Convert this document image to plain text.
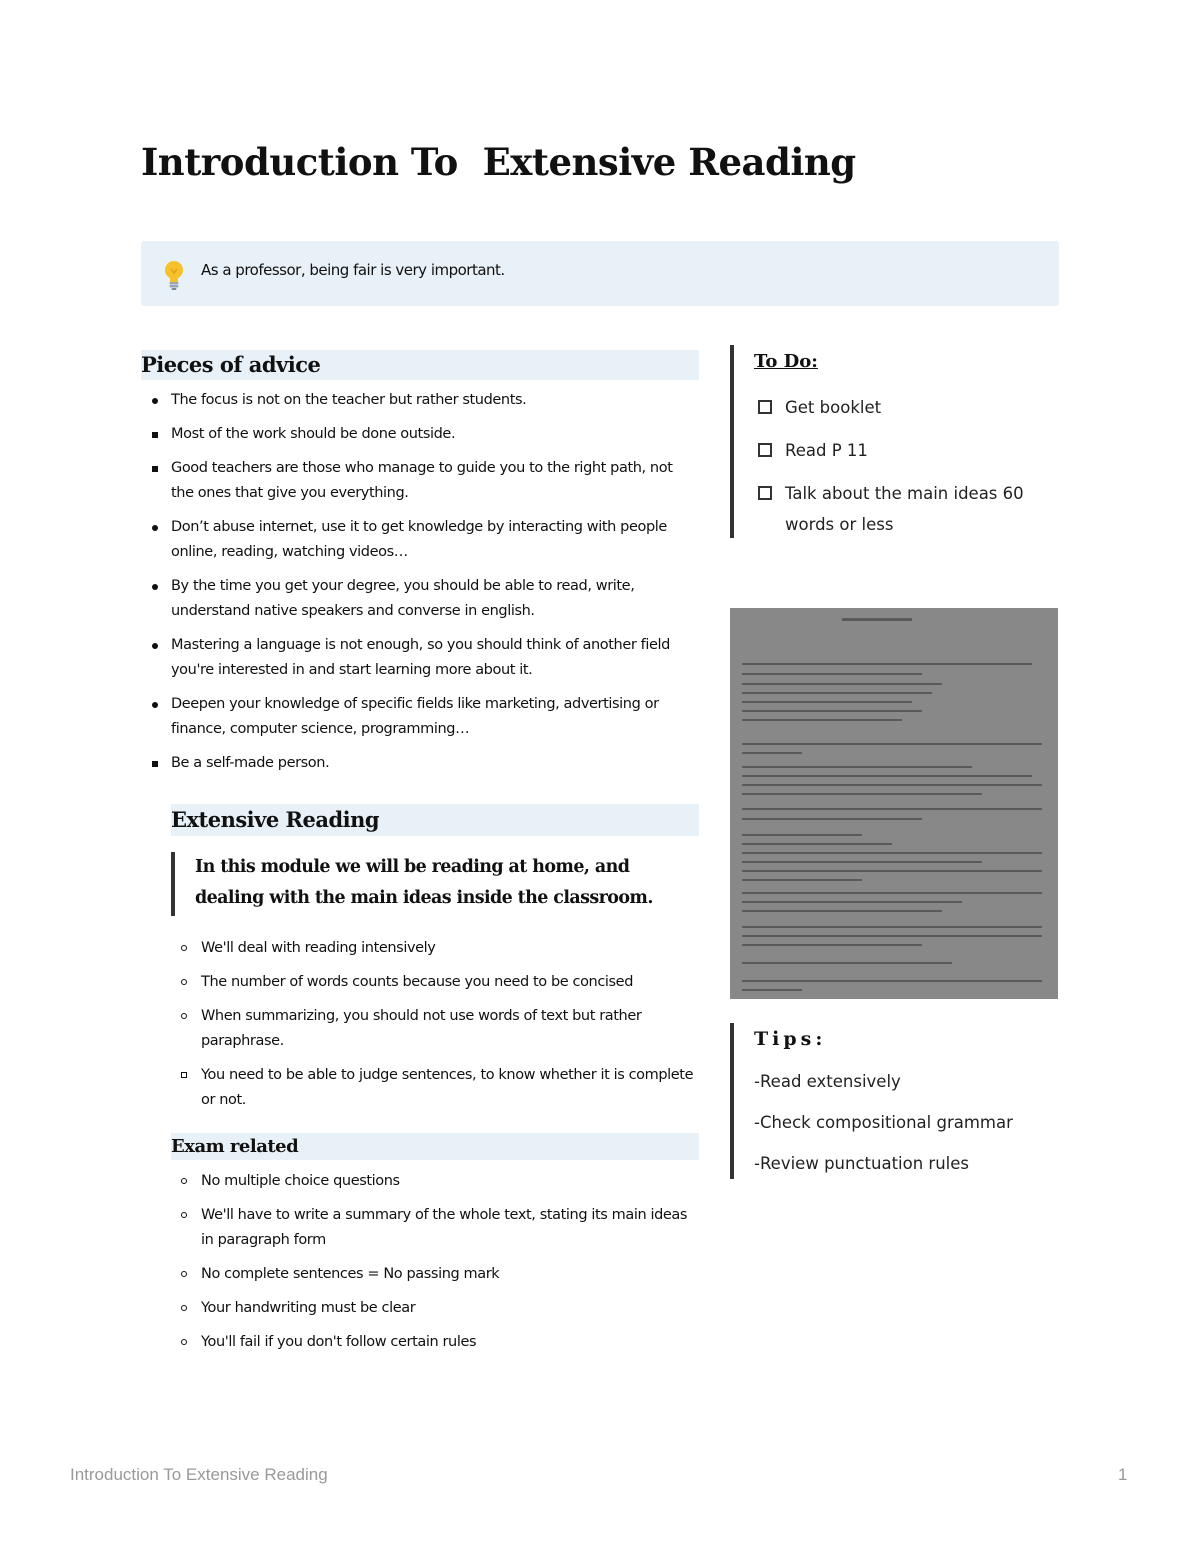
Introduction To  Extensive Reading
As a professor, being fair is very important.
Pieces of advice
The focus is not on the teacher but rather students.
Most of the work should be done outside.
Good teachers are those who manage to guide you to the right path, not the ones that give you everything.
Don’t abuse internet, use it to get knowledge by interacting with people online, reading, watching videos…
By the time you get your degree, you should be able to read, write, understand native speakers and converse in english.
Mastering a language is not enough, so you should think of another field you're interested in and start learning more about it.
Deepen your knowledge of specific fields like marketing, advertising or finance, computer science, programming…
Be a self-made person.
Extensive Reading
In this module we will be reading at home, and dealing with the main ideas inside the classroom.
We'll deal with reading intensively
The number of words counts because you need to be concised
When summarizing, you should not use words of text but rather paraphrase.
You need to be able to judge sentences, to know whether it is complete or not.
Exam related
No multiple choice questions
We'll have to write a summary of the whole text, stating its main ideas in paragraph form
No complete sentences = No passing mark
Your handwriting must be clear
You'll fail if you don't follow certain rules
To Do:
Get booklet
Read P 11
Talk about the main ideas 60 words or less
Tips:
-Read extensively
-Check compositional grammar
-Review punctuation rules
Introduction To Extensive Reading	1
